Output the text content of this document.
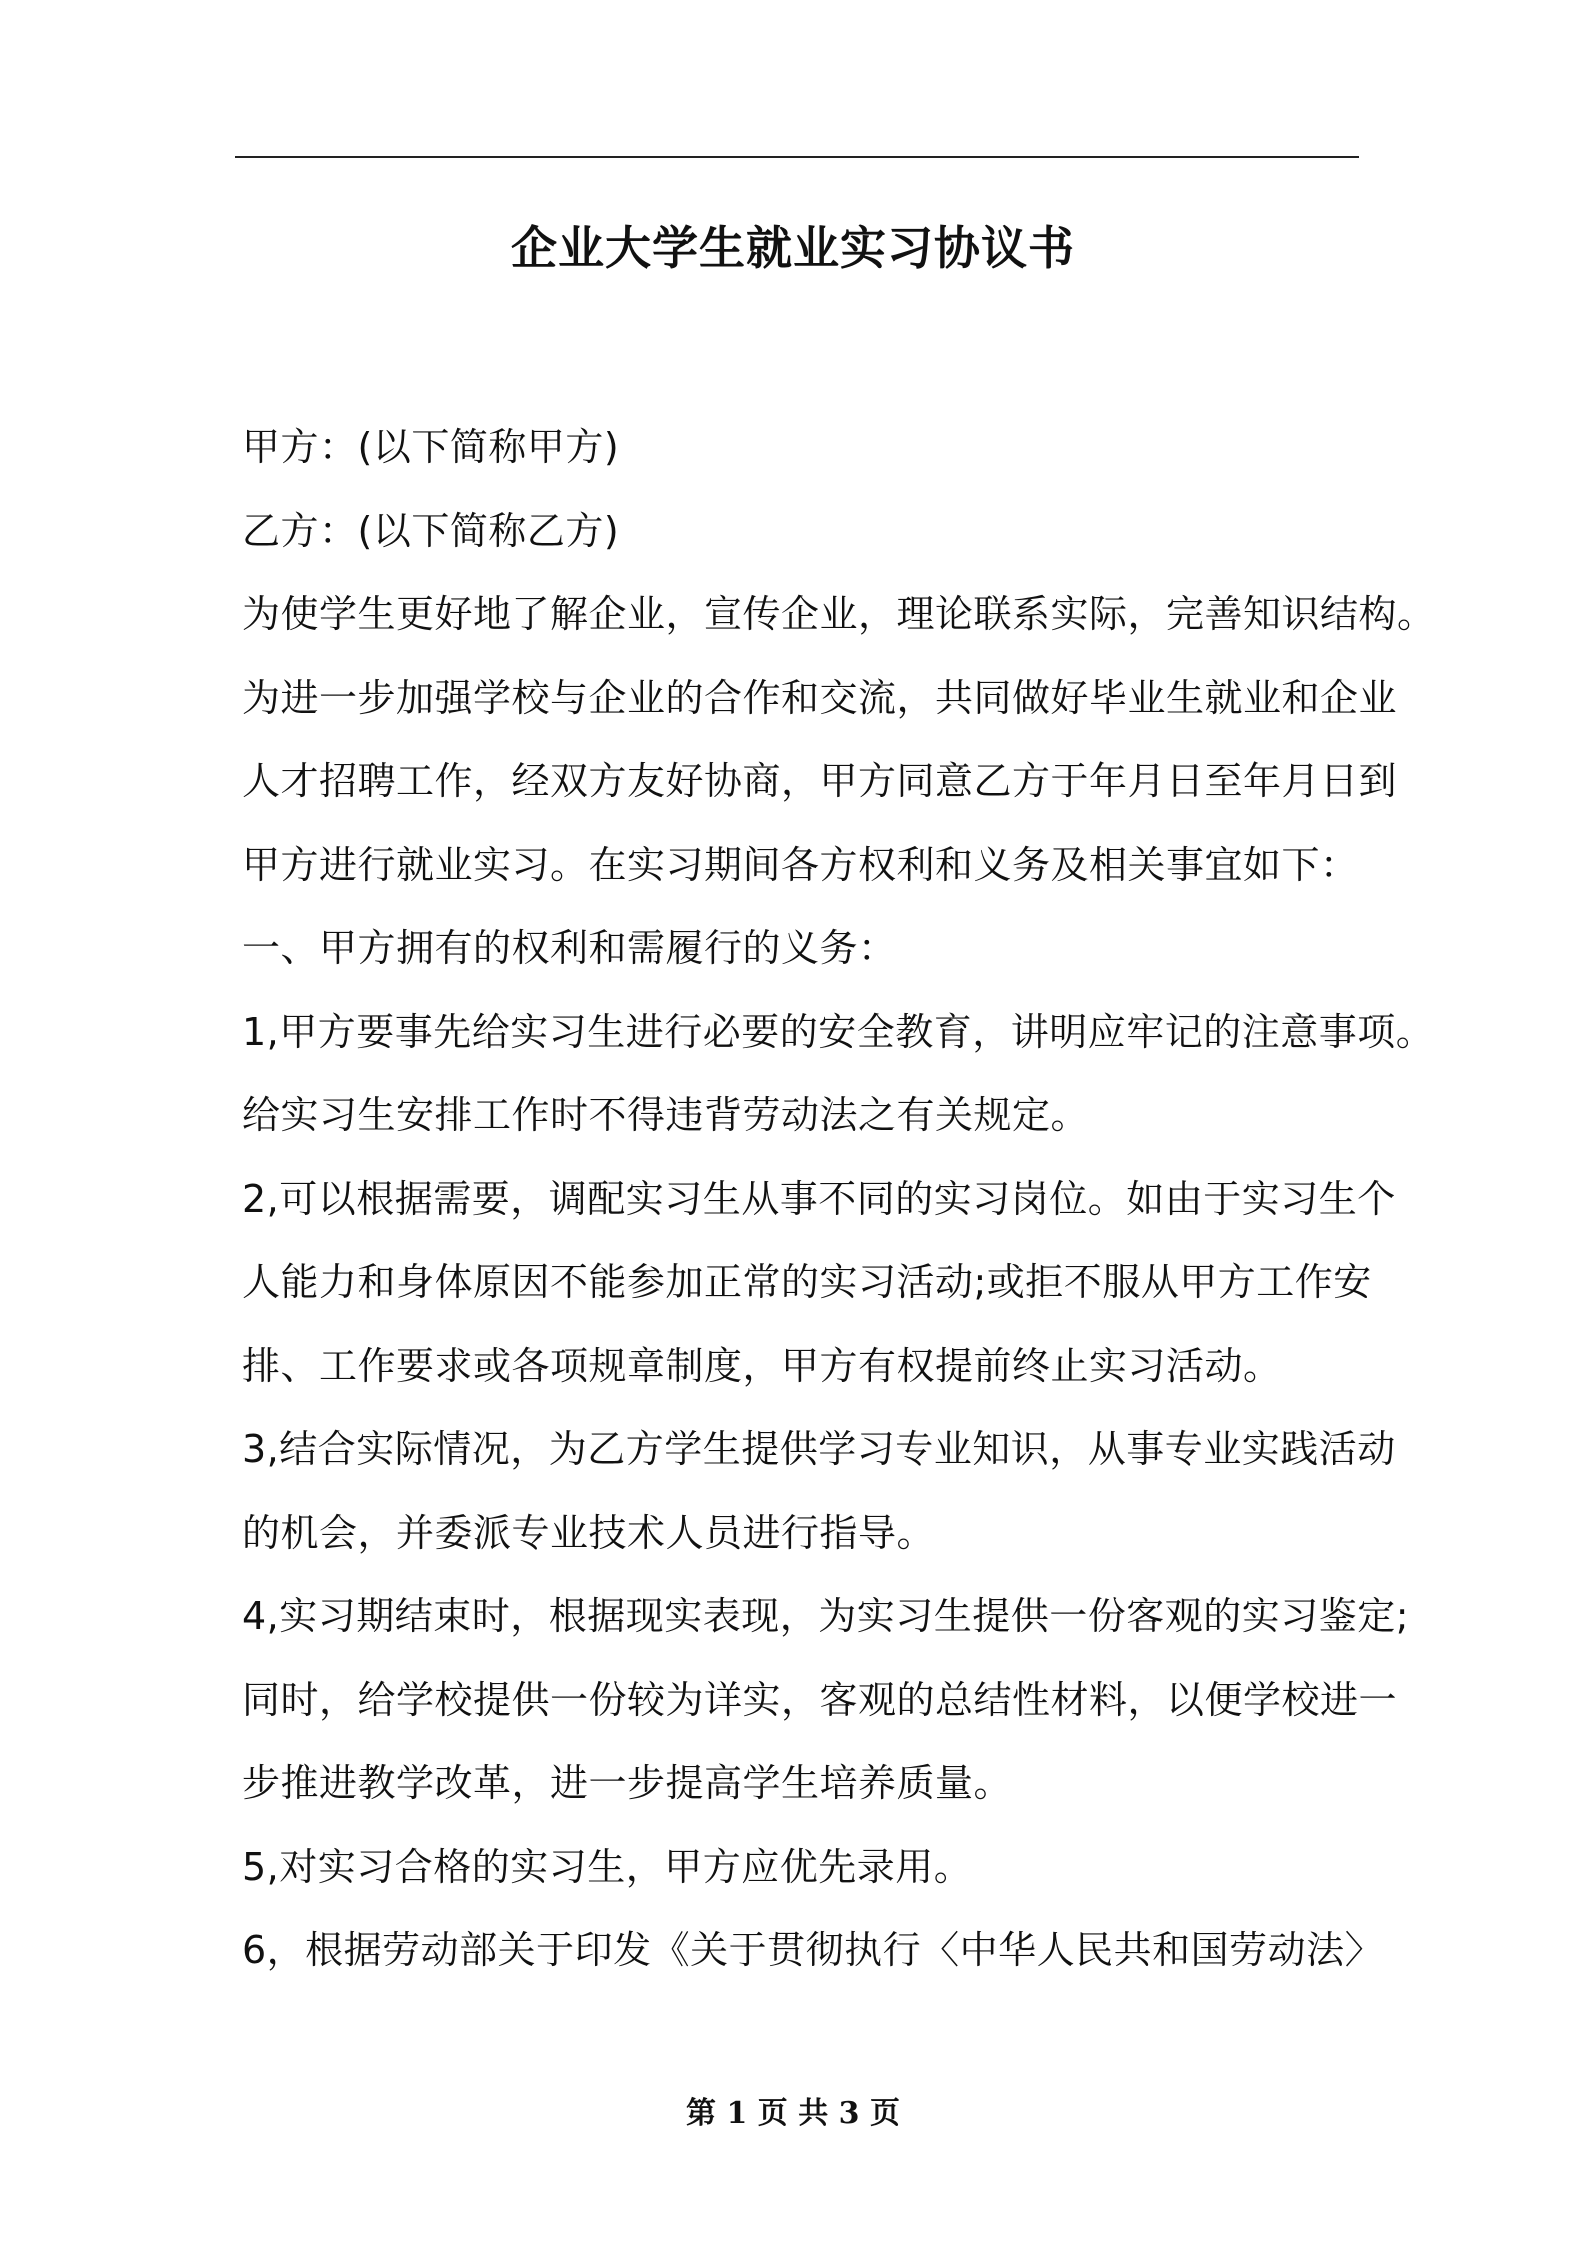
企业大学生就业实习协议书
甲方：(以下简称甲方)
乙方：(以下简称乙方)
为使学生更好地了解企业，宣传企业，理论联系实际，完善知识结构。
为进一步加强学校与企业的合作和交流，共同做好毕业生就业和企业
人才招聘工作，经双方友好协商，甲方同意乙方于年月日至年月日到
甲方进行就业实习。在实习期间各方权利和义务及相关事宜如下：
一、甲方拥有的权利和需履行的义务：
1,甲方要事先给实习生进行必要的安全教育，讲明应牢记的注意事项。
给实习生安排工作时不得违背劳动法之有关规定。
2,可以根据需要，调配实习生从事不同的实习岗位。如由于实习生个
人能力和身体原因不能参加正常的实习活动;或拒不服从甲方工作安
排、工作要求或各项规章制度，甲方有权提前终止实习活动。
3,结合实际情况，为乙方学生提供学习专业知识，从事专业实践活动
的机会，并委派专业技术人员进行指导。
4,实习期结束时，根据现实表现，为实习生提供一份客观的实习鉴定;
同时，给学校提供一份较为详实，客观的总结性材料，以便学校进一
步推进教学改革，进一步提高学生培养质量。
5,对实习合格的实习生，甲方应优先录用。
6，根据劳动部关于印发《关于贯彻执行〈中华人民共和国劳动法〉
第 1 页 共 3 页
